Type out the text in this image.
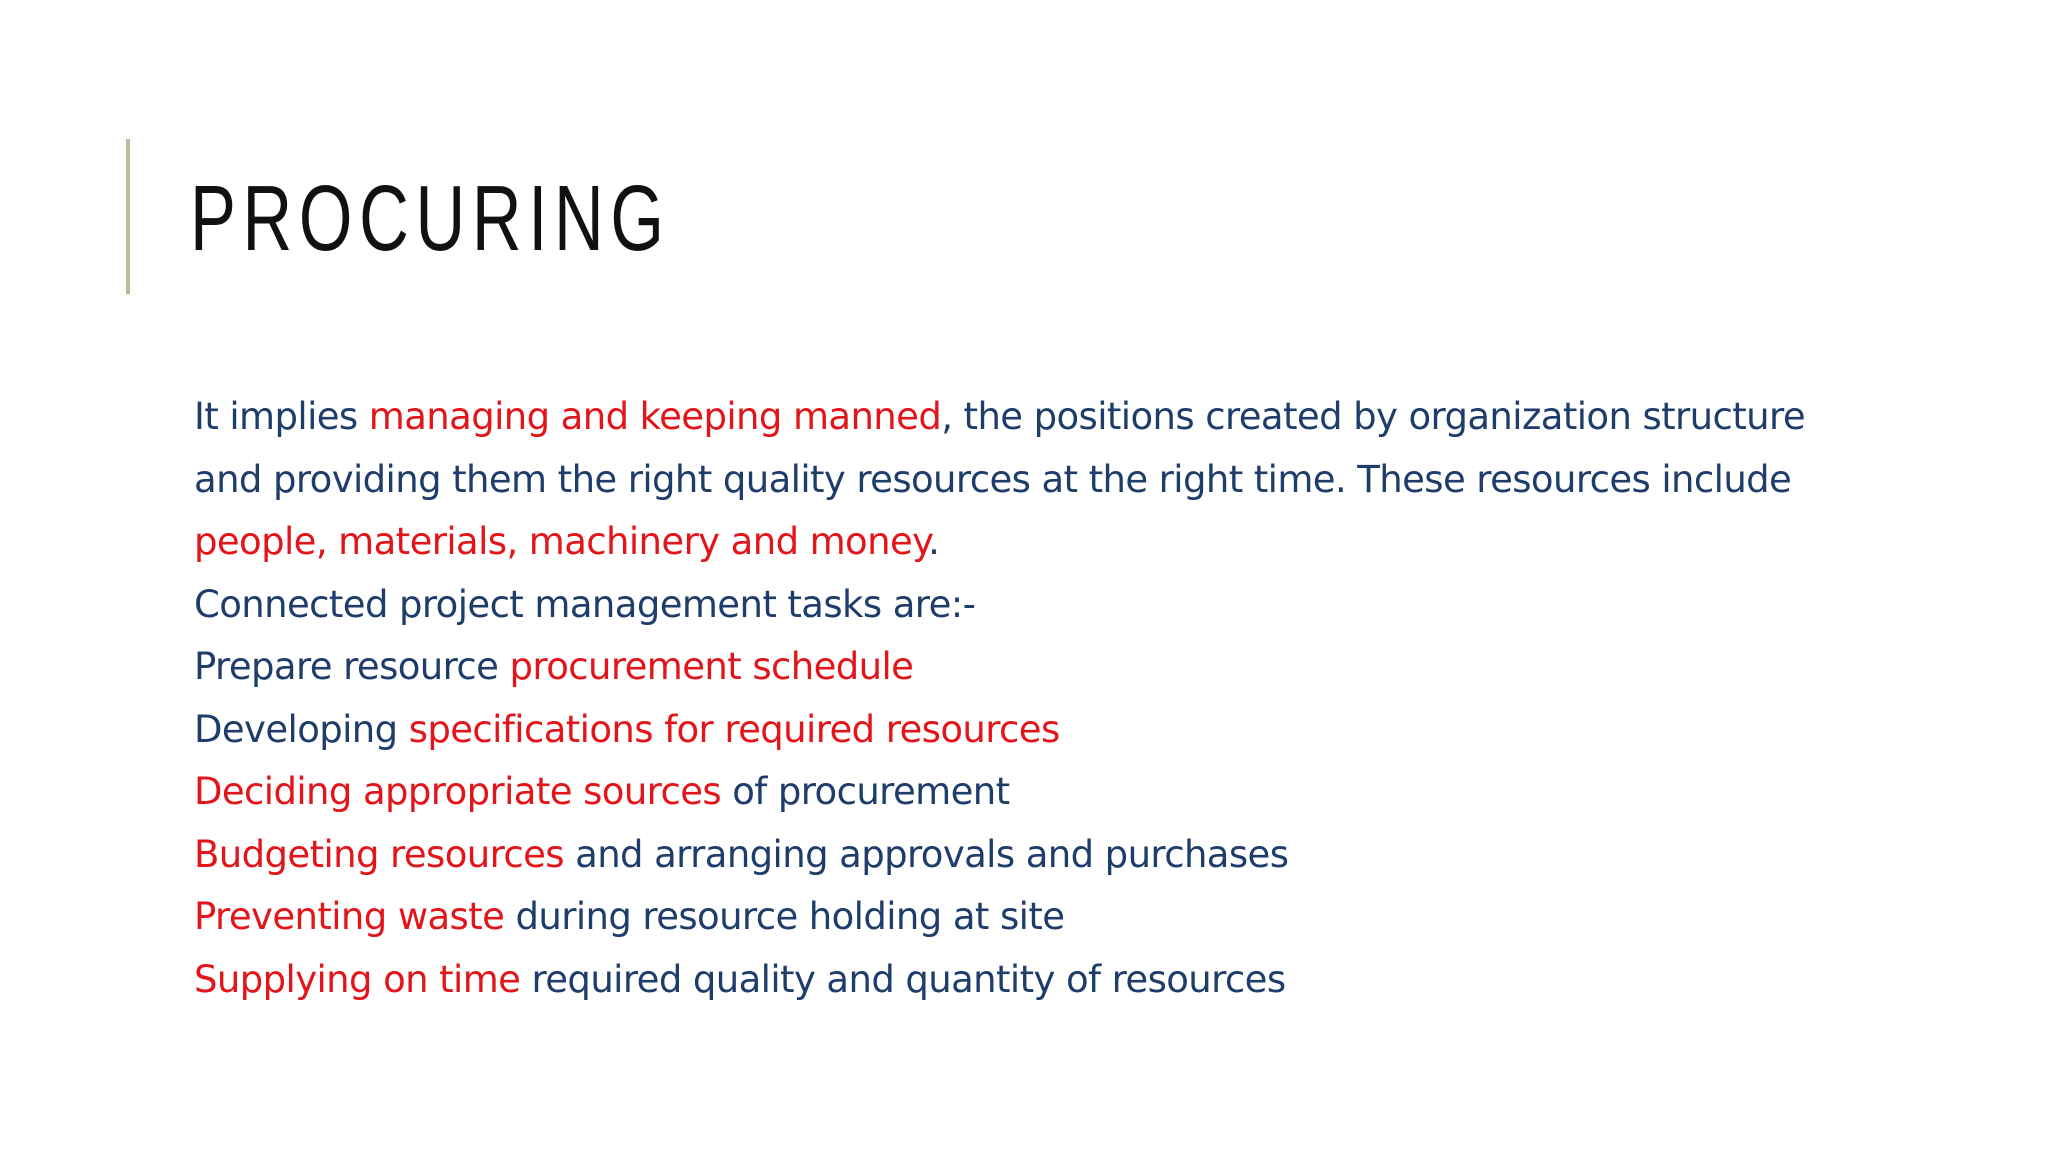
PROCURING

It implies managing and keeping manned, the positions created by organization structure
and providing them the right quality resources at the right time. These resources include
people, materials, machinery and money.

Connected project management tasks are:-

Prepare resource procurement schedule

Developing specifications for required resources

Deciding appropriate sources of procurement

Budgeting resources and arranging approvals and purchases

Preventing waste during resource holding at site

Supplying on time required quality and quantity of resources
